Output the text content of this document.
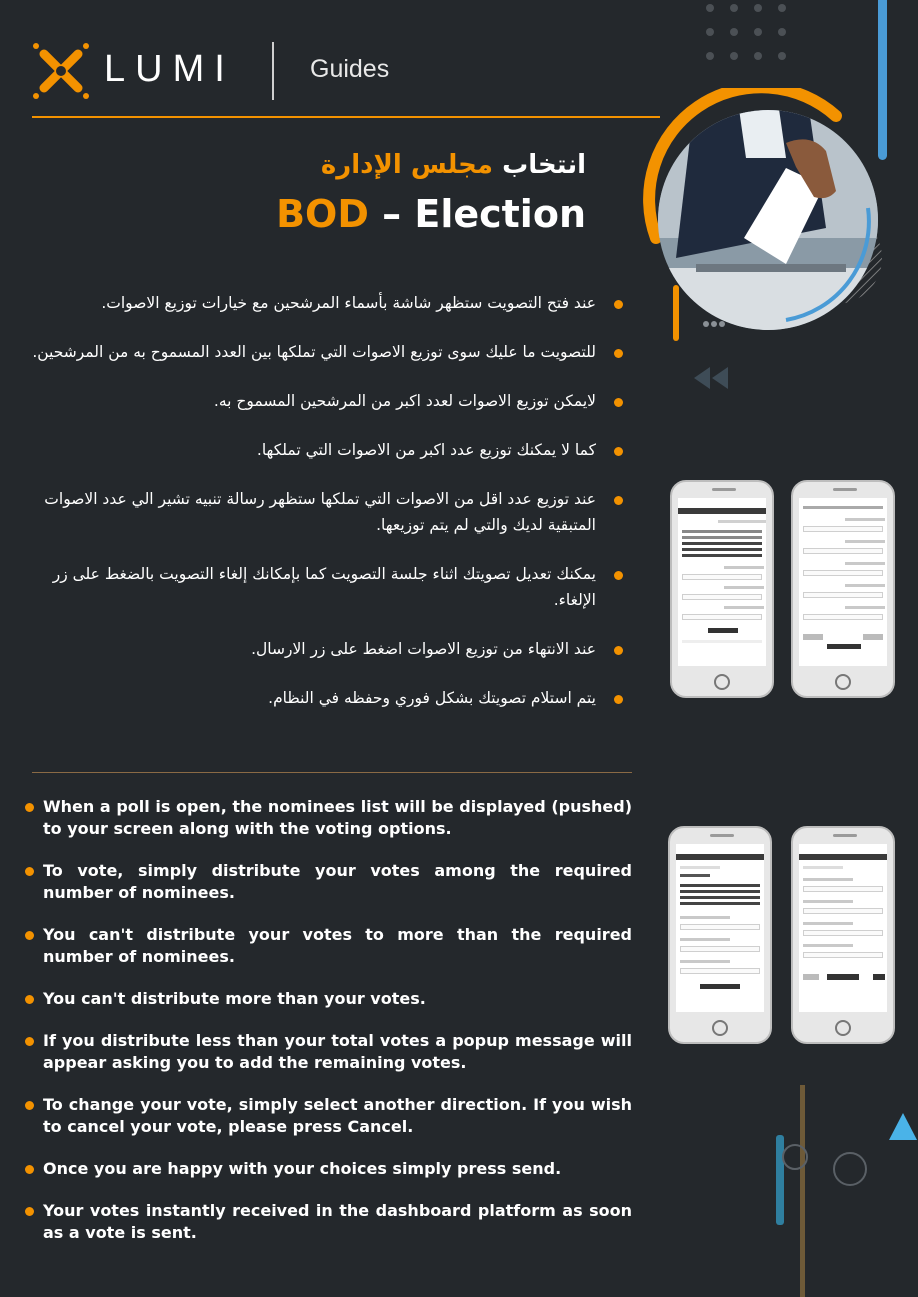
LUMI	Guides
انتخاب مجلس الإدارة
BOD – Election
عند فتح التصويت ستظهر شاشة بأسماء المرشحين مع خيارات توزيع الاصوات.
للتصويت ما عليك سوى توزيع الاصوات التي تملكها بين العدد المسموح به من المرشحين.
لايمكن توزيع الاصوات لعدد اكبر من المرشحين المسموح به.
كما لا يمكنك توزيع عدد اكبر من الاصوات التي تملكها.
عند توزيع عدد اقل من الاصوات التي تملكها ستظهر رسالة تنبيه تشير الي عدد الاصوات المتبقية لديك والتي لم يتم توزيعها.
يمكنك تعديل تصويتك اثناء جلسة التصويت كما بإمكانك إلغاء التصويت بالضغط على زر الإلغاء.
عند الانتهاء من توزيع الاصوات اضغط على زر الارسال.
يتم استلام تصويتك بشكل فوري وحفظه في النظام.
When a poll is open, the nominees list will be displayed (pushed) to your screen along with the voting options.
To vote, simply distribute your votes among the required number of nominees.
You can't distribute your votes to more than the required number of nominees.
You can't distribute more than your votes.
If you distribute less than your total votes a popup message will appear asking you to add the remaining votes.
To change your vote, simply select another direction. If you wish to cancel your vote, please press Cancel.
Once you are happy with your choices simply press send.
Your votes instantly received in the dashboard platform as soon as a vote is sent.
